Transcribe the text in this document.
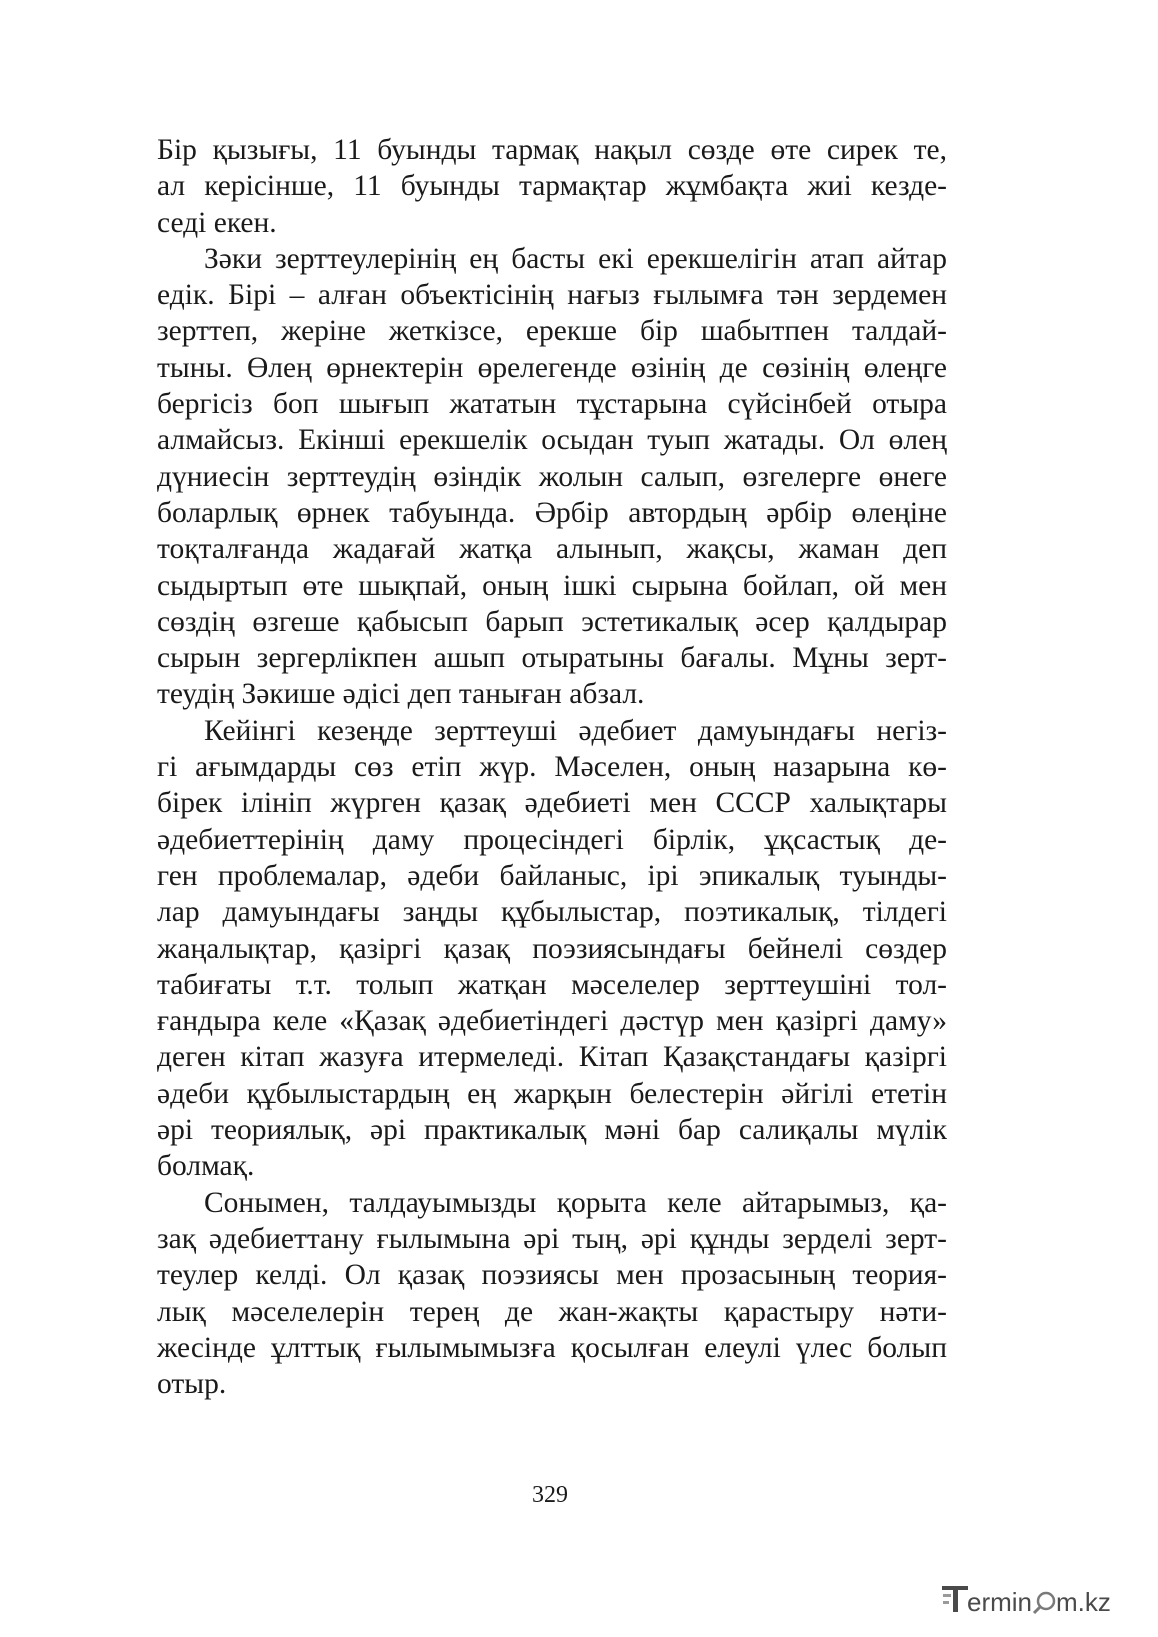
Бір қызығы, 11 буынды тармақ нақыл сөзде өте сирек те,
ал керісінше, 11 буынды тармақтар жұмбақта жиі кезде-
седі екен.
Зәки зерттеулерінің ең басты екі ерекшелігін атап айтар
едік. Бірі – алған объектісінің нағыз ғылымға тән зердемен
зерттеп, жеріне жеткізсе, ерекше бір шабытпен талдай-
тыны. Өлең өрнектерін өрелегенде өзінің де сөзінің өлеңге
бергісіз боп шығып жататын тұстарына сүйсінбей отыра
алмайсыз. Екінші ерекшелік осыдан туып жатады. Ол өлең
дүниесін зерттеудің өзіндік жолын салып, өзгелерге өнеге
боларлық өрнек табуында. Әрбір автордың әрбір өлеңіне
тоқталғанда жадағай жатқа алынып, жақсы, жаман деп
сыдыртып өте шықпай, оның ішкі сырына бойлап, ой мен
сөздің өзгеше қабысып барып эстетикалық әсер қалдырар
сырын зергерлікпен ашып отыратыны бағалы. Мұны зерт-
теудің Зәкише әдісі деп таныған абзал.
Кейінгі кезеңде зерттеуші әдебиет дамуындағы негіз-
гі ағымдарды сөз етіп жүр. Мәселен, оның назарына кө-
бірек ілініп жүрген қазақ әдебиеті мен СССР халықтары
әдебиеттерінің даму процесіндегі бірлік, ұқсастық де-
ген проблемалар, әдеби байланыс, ірі эпикалық туынды-
лар дамуындағы заңды құбылыстар, поэтикалық, тілдегі
жаңалықтар, қазіргі қазақ поэзиясындағы бейнелі сөздер
табиғаты т.т. толып жатқан мәселелер зерттеушіні тол-
ғандыра келе «Қазақ әдебиетіндегі дәстүр мен қазіргі даму»
деген кітап жазуға итермеледі. Кітап Қазақстандағы қазіргі
әдеби құбылыстардың ең жарқын белестерін әйгілі ететін
әрі теориялық, әрі практикалық мәні бар салиқалы мүлік
болмақ.
Сонымен, талдауымызды қорыта келе айтарымыз, қа-
зақ әдебиеттану ғылымына әрі тың, әрі құнды зерделі зерт-
теулер келді. Ол қазақ поэзиясы мен прозасының теория-
лық мәселелерін терең де жан-жақты қарастыру нәти-
жесінде ұлттық ғылымымызға қосылған елеулі үлес болып
отыр.
329
ermin m.kz
